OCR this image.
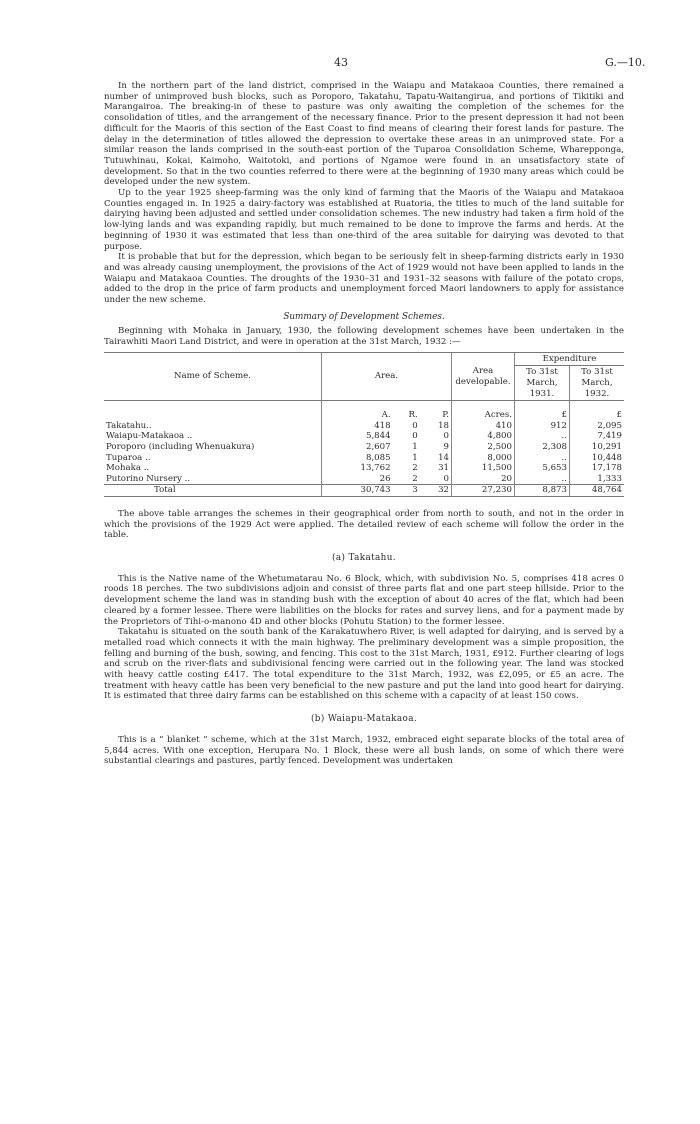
43	G.—10.

In the northern part of the land district, comprised in the Waiapu and Matakaoa Counties, there remained a number of unimproved bush blocks, such as Poroporo, Takatahu, Tapatu-Waitangirua, and portions of Tikitiki and Marangairoa. The breaking-in of these to pasture was only awaiting the completion of the schemes for the consolidation of titles, and the arrangement of the necessary finance. Prior to the present depression it had not been difficult for the Maoris of this section of the East Coast to find means of clearing their forest lands for pasture. The delay in the determination of titles allowed the depression to overtake these areas in an unimproved state. For a similar reason the lands comprised in the south-east portion of the Tuparoa Consolidation Scheme, Wharepponga, Tutuwhinau, Kokai, Kaimoho, Waitotoki, and portions of Ngamoe were found in an unsatisfactory state of development. So that in the two counties referred to there were at the beginning of 1930 many areas which could be developed under the new system.

Up to the year 1925 sheep-farming was the only kind of farming that the Maoris of the Waiapu and Matakaoa Counties engaged in. In 1925 a dairy-factory was established at Ruatoria, the titles to much of the land suitable for dairying having been adjusted and settled under consolidation schemes. The new industry had taken a firm hold of the low-lying lands and was expanding rapidly, but much remained to be done to improve the farms and herds. At the beginning of 1930 it was estimated that less than one-third of the area suitable for dairying was devoted to that purpose.

It is probable that but for the depression, which began to be seriously felt in sheep-farming districts early in 1930 and was already causing unemployment, the provisions of the Act of 1929 would not have been applied to lands in the Waiapu and Matakaoa Counties. The droughts of the 1930–31 and 1931–32 seasons with failure of the potato crops, added to the drop in the price of farm products and unemployment forced Maori landowners to apply for assistance under the new scheme.

Summary of Development Schemes.

Beginning with Mohaka in January, 1930, the following development schemes have been undertaken in the Tairawhiti Maori Land District, and were in operation at the 31st March, 1932 :—

Name of Scheme.	Area.			Area developable.	Expenditure	
					To 31st March, 1931.	To 31st March, 1932.
	A.	R.	P.	Acres.	£	£
Takatahu..	418	0	18	410	912	2,095
Waiapu-Matakaoa ..	5,844	0	0	4,800	..	7,419
Poroporo (including Whenuakura)	2,607	1	9	2,500	2,308	10,291
Tuparoa ..	8,085	1	14	8,000	..	10,448
Mohaka ..	13,762	2	31	11,500	5,653	17,178
Putorino Nursery ..	26	2	0	20	..	1,333
Total	30,743	3	32	27,230	8,873	48,764

The above table arranges the schemes in their geographical order from north to south, and not in the order in which the provisions of the 1929 Act were applied. The detailed review of each scheme will follow the order in the table.

(a) Takatahu.

This is the Native name of the Whetumatarau No. 6 Block, which, with subdivision No. 5, comprises 418 acres 0 roods 18 perches. The two subdivisions adjoin and consist of three parts flat and one part steep hillside. Prior to the development scheme the land was in standing bush with the exception of about 40 acres of the flat, which had been cleared by a former lessee. There were liabilities on the blocks for rates and survey liens, and for a payment made by the Proprietors of Tihi-o-manono 4D and other blocks (Pohutu Station) to the former lessee.

Takatahu is situated on the south bank of the Karakatuwhero River, is well adapted for dairying, and is served by a metalled road which connects it with the main highway. The preliminary development was a simple proposition, the felling and burning of the bush, sowing, and fencing. This cost to the 31st March, 1931, £912. Further clearing of logs and scrub on the river-flats and subdivisional fencing were carried out in the following year. The land was stocked with heavy cattle costing £417. The total expenditure to the 31st March, 1932, was £2,095, or £5 an acre. The treatment with heavy cattle has been very beneficial to the new pasture and put the land into good heart for dairying. It is estimated that three dairy farms can be established on this scheme with a capacity of at least 150 cows.

(b) Waiapu-Matakaoa.

This is a “ blanket ” scheme, which at the 31st March, 1932, embraced eight separate blocks of the total area of 5,844 acres. With one exception, Herupara No. 1 Block, these were all bush lands, on some of which there were substantial clearings and pastures, partly fenced. Development was undertaken
